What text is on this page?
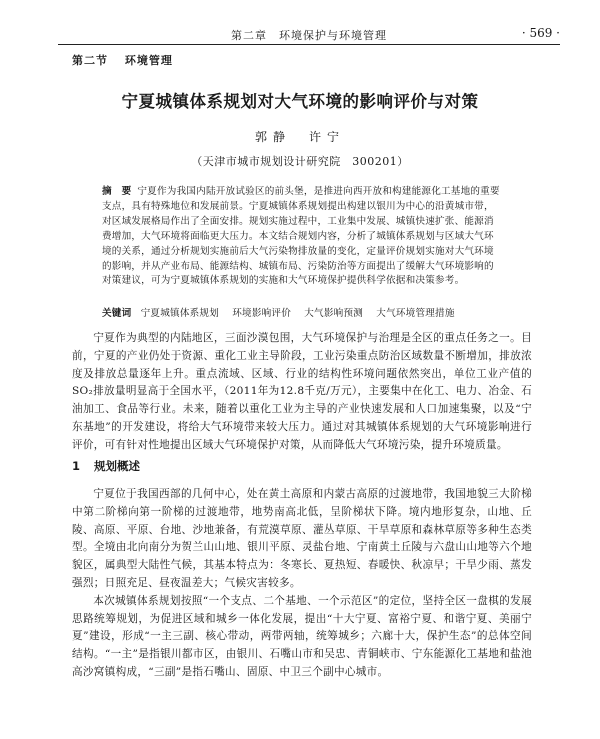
第二章　环境保护与环境管理	· 569 ·
第二节 环境管理
宁夏城镇体系规划对大气环境的影响评价与对策
郭静　许宁
（天津市城市规划设计研究院　300201）
摘　要 宁夏作为我国内陆开放试验区的前头堡，是推进向西开放和构建能源化工基地的重要支点，具有特殊地位和发展前景。宁夏城镇体系规划提出构建以银川为中心的沿黄城市带，对区域发展格局作出了全面安排。规划实施过程中，工业集中发展、城镇快速扩张、能源消费增加，大气环境将面临更大压力。本文结合规划内容，分析了城镇体系规划与区域大气环境的关系，通过分析规划实施前后大气污染物排放量的变化，定量评价规划实施对大气环境的影响，并从产业布局、能源结构、城镇布局、污染防治等方面提出了缓解大气环境影响的对策建议，可为宁夏城镇体系规划的实施和大气环境保护提供科学依据和决策参考。
关键词 宁夏城镇体系规划 环境影响评价 大气影响预测 大气环境管理措施
宁夏作为典型的内陆地区，三面沙漠包围，大气环境保护与治理是全区的重点任务之一。目前，宁夏的产业仍处于资源、重化工业主导阶段，工业污染重点防治区域数量不断增加，排放浓度及排放总量逐年上升。重点流域、区域、行业的结构性环境问题依然突出，单位工业产值的SO₂排放量明显高于全国水平，（2011年为12.8千克/万元），主要集中在化工、电力、冶金、石油加工、食品等行业。未来，随着以重化工业为主导的产业快速发展和人口加速集聚，以及“宁东基地”的开发建设，将给大气环境带来较大压力。通过对其城镇体系规划的大气环境影响进行评价，可有针对性地提出区域大气环境保护对策，从而降低大气环境污染，提升环境质量。
1 规划概述

宁夏位于我国西部的几何中心，处在黄土高原和内蒙古高原的过渡地带，我国地貌三大阶梯中第二阶梯向第一阶梯的过渡地带，地势南高北低，呈阶梯状下降。境内地形复杂，山地、丘陵、高原、平原、台地、沙地兼备，有荒漠草原、灌丛草原、干旱草原和森林草原等多种生态类型。全境由北向南分为贺兰山山地、银川平原、灵盐台地、宁南黄土丘陵与六盘山山地等六个地貌区，属典型大陆性气候，其基本特点为：冬寒长、夏热短、春暖快、秋凉早；干旱少雨、蒸发强烈；日照充足、昼夜温差大；气候灾害较多。

本次城镇体系规划按照“一个支点、二个基地、一个示范区”的定位，坚持全区一盘棋的发展思路统筹规划，为促进区域和城乡一体化发展，提出“十大宁夏、富裕宁夏、和谐宁夏、美丽宁夏”建设，形成“一主三副、核心带动，两带两轴，统筹城乡；六廊十大，保护生态”的总体空间结构。“一主”是指银川都市区，由银川、石嘴山市和吴忠、青铜峡市、宁东能源化工基地和盐池高沙窝镇构成，“三副”是指石嘴山、固原、中卫三个副中心城市。
